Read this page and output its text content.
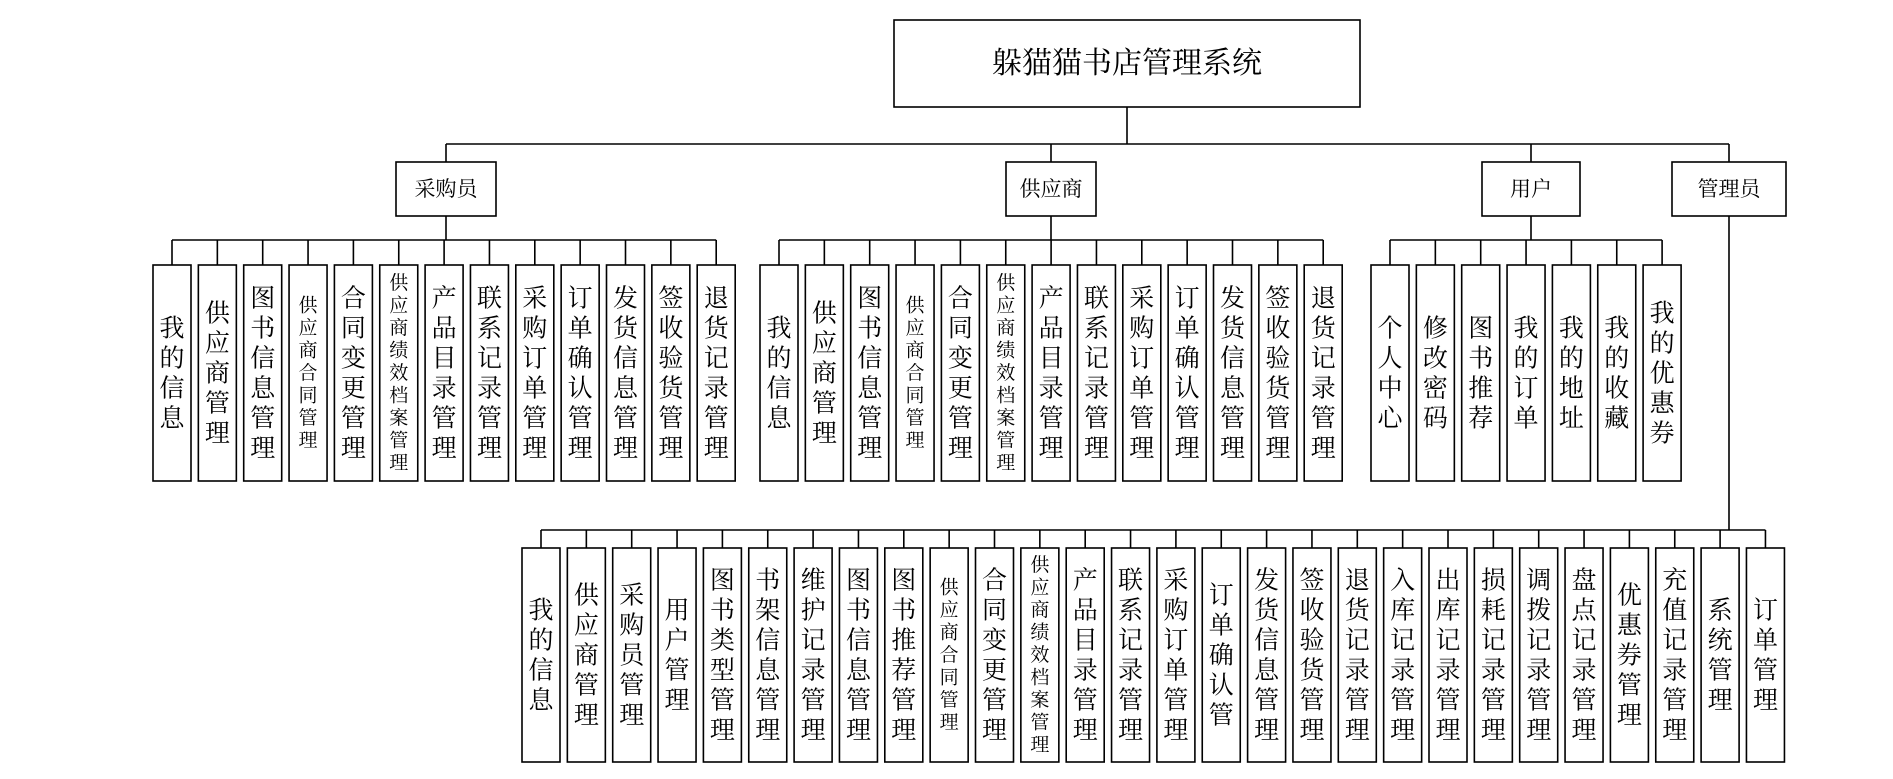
躲猫猫书店管理系统
采购员	供应商	用户	管理员
我的信息
供应商管理
图书信息管理
供应商合同管理
合同变更管理
供应商绩效档案管理
产品目录管理
联系记录管理
采购订单管理
订单确认管理
发货信息管理
签收验货管理
退货记录管理
我的信息
供应商管理
图书信息管理
供应商合同管理
合同变更管理
供应商绩效档案管理
产品目录管理
联系记录管理
采购订单管理
订单确认管理
发货信息管理
签收验货管理
退货记录管理
个人中心
修改密码
图书推荐
我的订单
我的地址
我的收藏
我的优惠券
我的信息
供应商管理
采购员管理
用户管理
图书类型管理
书架信息管理
维护记录管理
图书信息管理
图书推荐管理
供应商合同管理
合同变更管理
供应商绩效档案管理
产品目录管理
联系记录管理
采购订单管理
订单确认管
发货信息管理
签收验货管理
退货记录管理
入库记录管理
出库记录管理
损耗记录管理
调拨记录管理
盘点记录管理
优惠券管理
充值记录管理
系统管理
订单管理
